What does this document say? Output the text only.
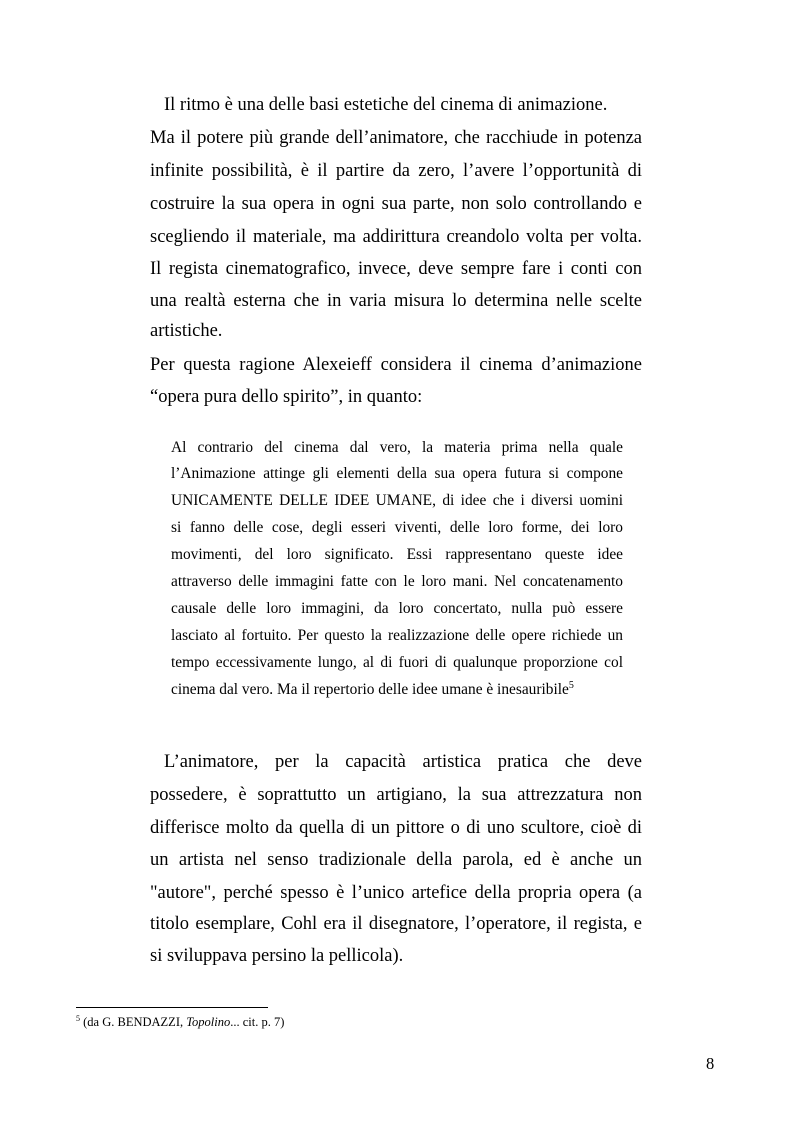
Il ritmo è una delle basi estetiche del cinema di animazione.

Ma il potere più grande dell’animatore, che racchiude in potenza

infinite possibilità, è il partire da zero, l’avere l’opportunità di

costruire la sua opera in ogni sua parte, non solo controllando e

scegliendo il materiale, ma addirittura creandolo volta per volta.

Il regista cinematografico, invece, deve sempre fare i conti con

una realtà esterna che in varia misura lo determina nelle scelte

artistiche.

Per questa ragione Alexeieff considera il cinema d’animazione

“opera pura dello spirito”, in quanto:

Al contrario del cinema dal vero, la materia prima nella quale

l’Animazione attinge gli elementi della sua opera futura si compone

UNICAMENTE DELLE IDEE UMANE, di idee che i diversi uomini

si fanno delle cose, degli esseri viventi, delle loro forme, dei loro

movimenti, del loro significato. Essi rappresentano queste idee

attraverso delle immagini fatte con le loro mani. Nel concatenamento

causale delle loro immagini, da loro concertato, nulla può essere

lasciato al fortuito. Per questo la realizzazione delle opere richiede un

tempo eccessivamente lungo, al di fuori di qualunque proporzione col

cinema dal vero. Ma il repertorio delle idee umane è inesauribile$^5$

L’animatore, per la capacità artistica pratica che deve

possedere, è soprattutto un artigiano, la sua attrezzatura non

differisce molto da quella di un pittore o di uno scultore, cioè di

un artista nel senso tradizionale della parola, ed è anche un

"autore", perché spesso è l’unico artefice della propria opera (a

titolo esemplare, Cohl era il disegnatore, l’operatore, il regista, e

si sviluppava persino la pellicola).

$^5$ (da G. BENDAZZI, Topolino... cit. p. 7)
8
